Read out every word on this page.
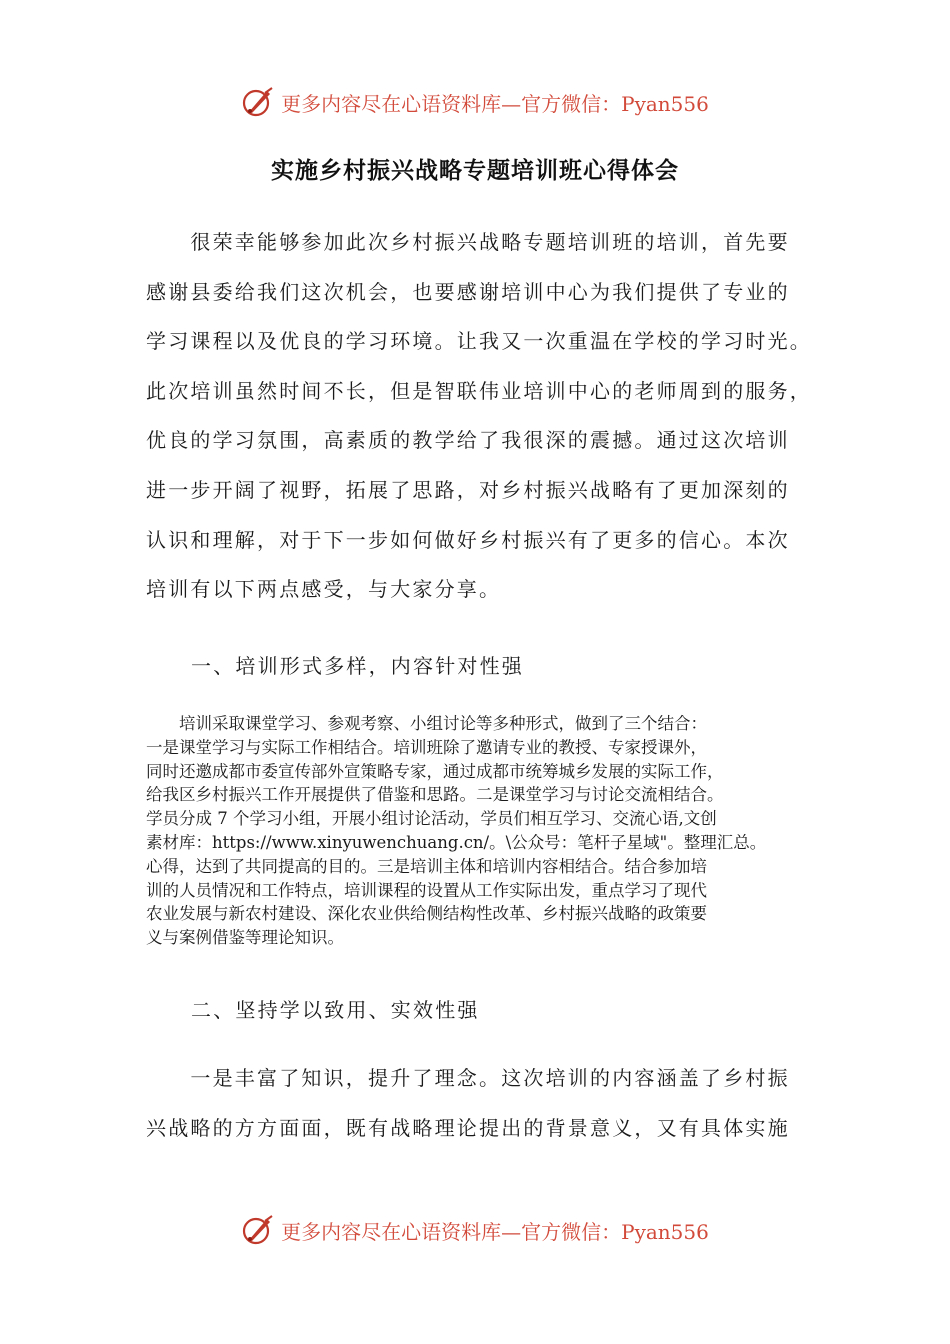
更多内容尽在心语资料库—官方微信：Pyan556
实施乡村振兴战略专题培训班心得体会
　　很荣幸能够参加此次乡村振兴战略专题培训班的培训，首先要
感谢县委给我们这次机会，也要感谢培训中心为我们提供了专业的
学习课程以及优良的学习环境。让我又一次重温在学校的学习时光。
此次培训虽然时间不长，但是智联伟业培训中心的老师周到的服务，
优良的学习氛围，高素质的教学给了我很深的震撼。通过这次培训
进一步开阔了视野，拓展了思路，对乡村振兴战略有了更加深刻的
认识和理解，对于下一步如何做好乡村振兴有了更多的信心。本次
培训有以下两点感受，与大家分享。

一、培训形式多样，内容针对性强

　　培训采取课堂学习、参观考察、小组讨论等多种形式，做到了三个结合：
一是课堂学习与实际工作相结合。培训班除了邀请专业的教授、专家授课外，
同时还邀成都市委宣传部外宣策略专家，通过成都市统筹城乡发展的实际工作，
给我区乡村振兴工作开展提供了借鉴和思路。二是课堂学习与讨论交流相结合。
学员分成 7 个学习小组，开展小组讨论活动，学员们相互学习、交流心语,文创
素材库：https://www.xinyuwenchuang.cn/。\公众号：笔杆子星域"。整理汇总。
心得，达到了共同提高的目的。三是培训主体和培训内容相结合。结合参加培
训的人员情况和工作特点，培训课程的设置从工作实际出发，重点学习了现代
农业发展与新农村建设、深化农业供给侧结构性改革、乡村振兴战略的政策要
义与案例借鉴等理论知识。

二、坚持学以致用、实效性强

　　一是丰富了知识，提升了理念。这次培训的内容涵盖了乡村振
兴战略的方方面面，既有战略理论提出的背景意义，又有具体实施
更多内容尽在心语资料库—官方微信：Pyan556
